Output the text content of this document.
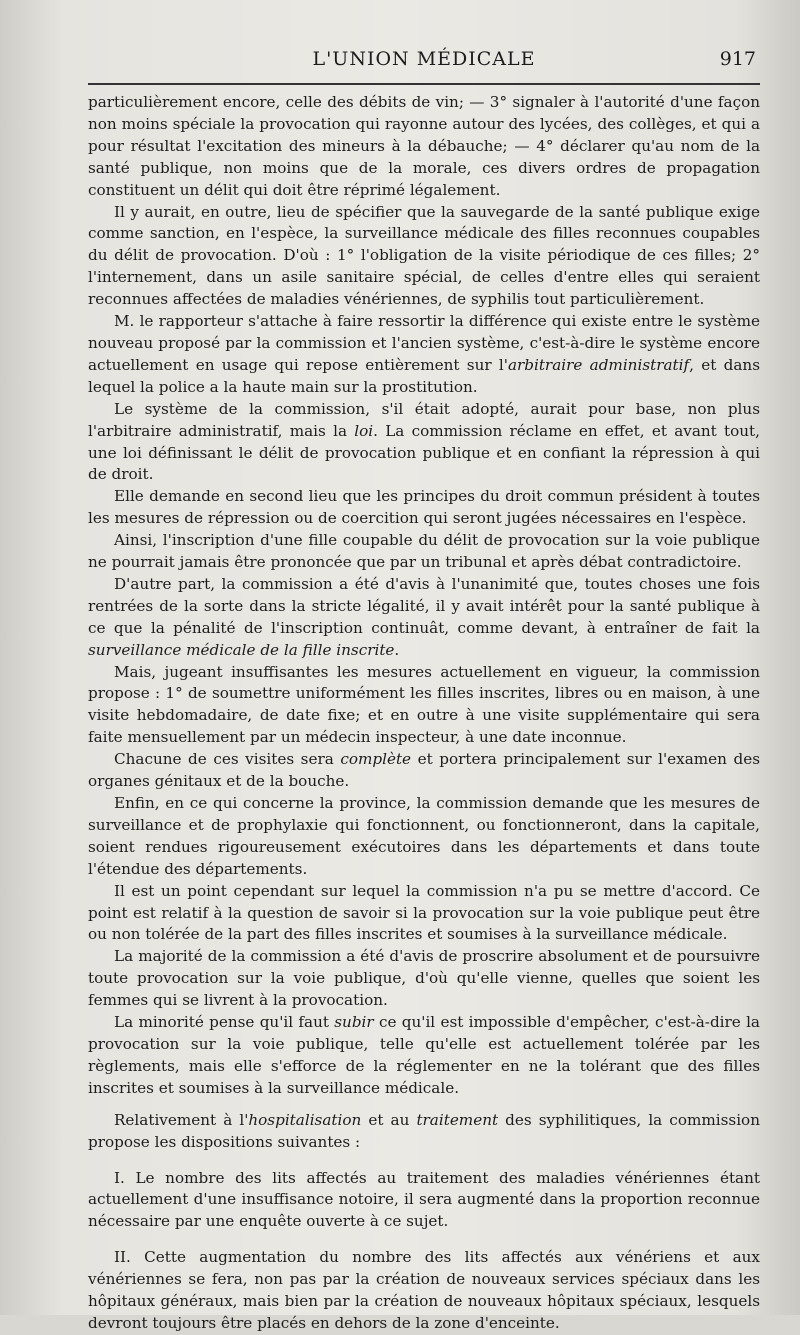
L'UNION MÉDICALE	917

particulièrement encore, celle des débits de vin; — 3° signaler à l'autorité d'une façon non moins spéciale la provocation qui rayonne autour des lycées, des collèges, et qui a pour résultat l'excitation des mineurs à la débauche; — 4° déclarer qu'au nom de la santé publique, non moins que de la morale, ces divers ordres de propagation constituent un délit qui doit être réprimé légalement.

Il y aurait, en outre, lieu de spécifier que la sauvegarde de la santé publique exige comme sanction, en l'espèce, la surveillance médicale des filles reconnues coupables du délit de provocation. D'où : 1° l'obligation de la visite périodique de ces filles; 2° l'internement, dans un asile sanitaire spécial, de celles d'entre elles qui seraient reconnues affectées de maladies vénériennes, de syphilis tout particulièrement.

M. le rapporteur s'attache à faire ressortir la différence qui existe entre le système nouveau proposé par la commission et l'ancien système, c'est-à-dire le système encore actuellement en usage qui repose entièrement sur l'arbitraire administratif, et dans lequel la police a la haute main sur la prostitution.

Le système de la commission, s'il était adopté, aurait pour base, non plus l'arbitraire administratif, mais la loi. La commission réclame en effet, et avant tout, une loi définissant le délit de provocation publique et en confiant la répression à qui de droit.

Elle demande en second lieu que les principes du droit commun président à toutes les mesures de répression ou de coercition qui seront jugées nécessaires en l'espèce.

Ainsi, l'inscription d'une fille coupable du délit de provocation sur la voie publique ne pourrait jamais être prononcée que par un tribunal et après débat contradictoire.

D'autre part, la commission a été d'avis à l'unanimité que, toutes choses une fois rentrées de la sorte dans la stricte légalité, il y avait intérêt pour la santé publique à ce que la pénalité de l'inscription continuât, comme devant, à entraîner de fait la surveillance médicale de la fille inscrite.

Mais, jugeant insuffisantes les mesures actuellement en vigueur, la commission propose : 1° de soumettre uniformément les filles inscrites, libres ou en maison, à une visite hebdomadaire, de date fixe; et en outre à une visite supplémentaire qui sera faite mensuellement par un médecin inspecteur, à une date inconnue.

Chacune de ces visites sera complète et portera principalement sur l'examen des organes génitaux et de la bouche.

Enfin, en ce qui concerne la province, la commission demande que les mesures de surveillance et de prophylaxie qui fonctionnent, ou fonctionneront, dans la capitale, soient rendues rigoureusement exécutoires dans les départements et dans toute l'étendue des départements.

Il est un point cependant sur lequel la commission n'a pu se mettre d'accord. Ce point est relatif à la question de savoir si la provocation sur la voie publique peut être ou non tolérée de la part des filles inscrites et soumises à la surveillance médicale.

La majorité de la commission a été d'avis de proscrire absolument et de poursuivre toute provocation sur la voie publique, d'où qu'elle vienne, quelles que soient les femmes qui se livrent à la provocation.

La minorité pense qu'il faut subir ce qu'il est impossible d'empêcher, c'est-à-dire la provocation sur la voie publique, telle qu'elle est actuellement tolérée par les règlements, mais elle s'efforce de la réglementer en ne la tolérant que des filles inscrites et soumises à la surveillance médicale.

Relativement à l'hospitalisation et au traitement des syphilitiques, la commission propose les dispositions suivantes :

I. Le nombre des lits affectés au traitement des maladies vénériennes étant actuellement d'une insuffisance notoire, il sera augmenté dans la proportion reconnue nécessaire par une enquête ouverte à ce sujet.

II. Cette augmentation du nombre des lits affectés aux vénériens et aux vénériennes se fera, non pas par la création de nouveaux services spéciaux dans les hôpitaux généraux, mais bien par la création de nouveaux hôpitaux spéciaux, lesquels devront toujours être placés en dehors de la zone d'enceinte.
